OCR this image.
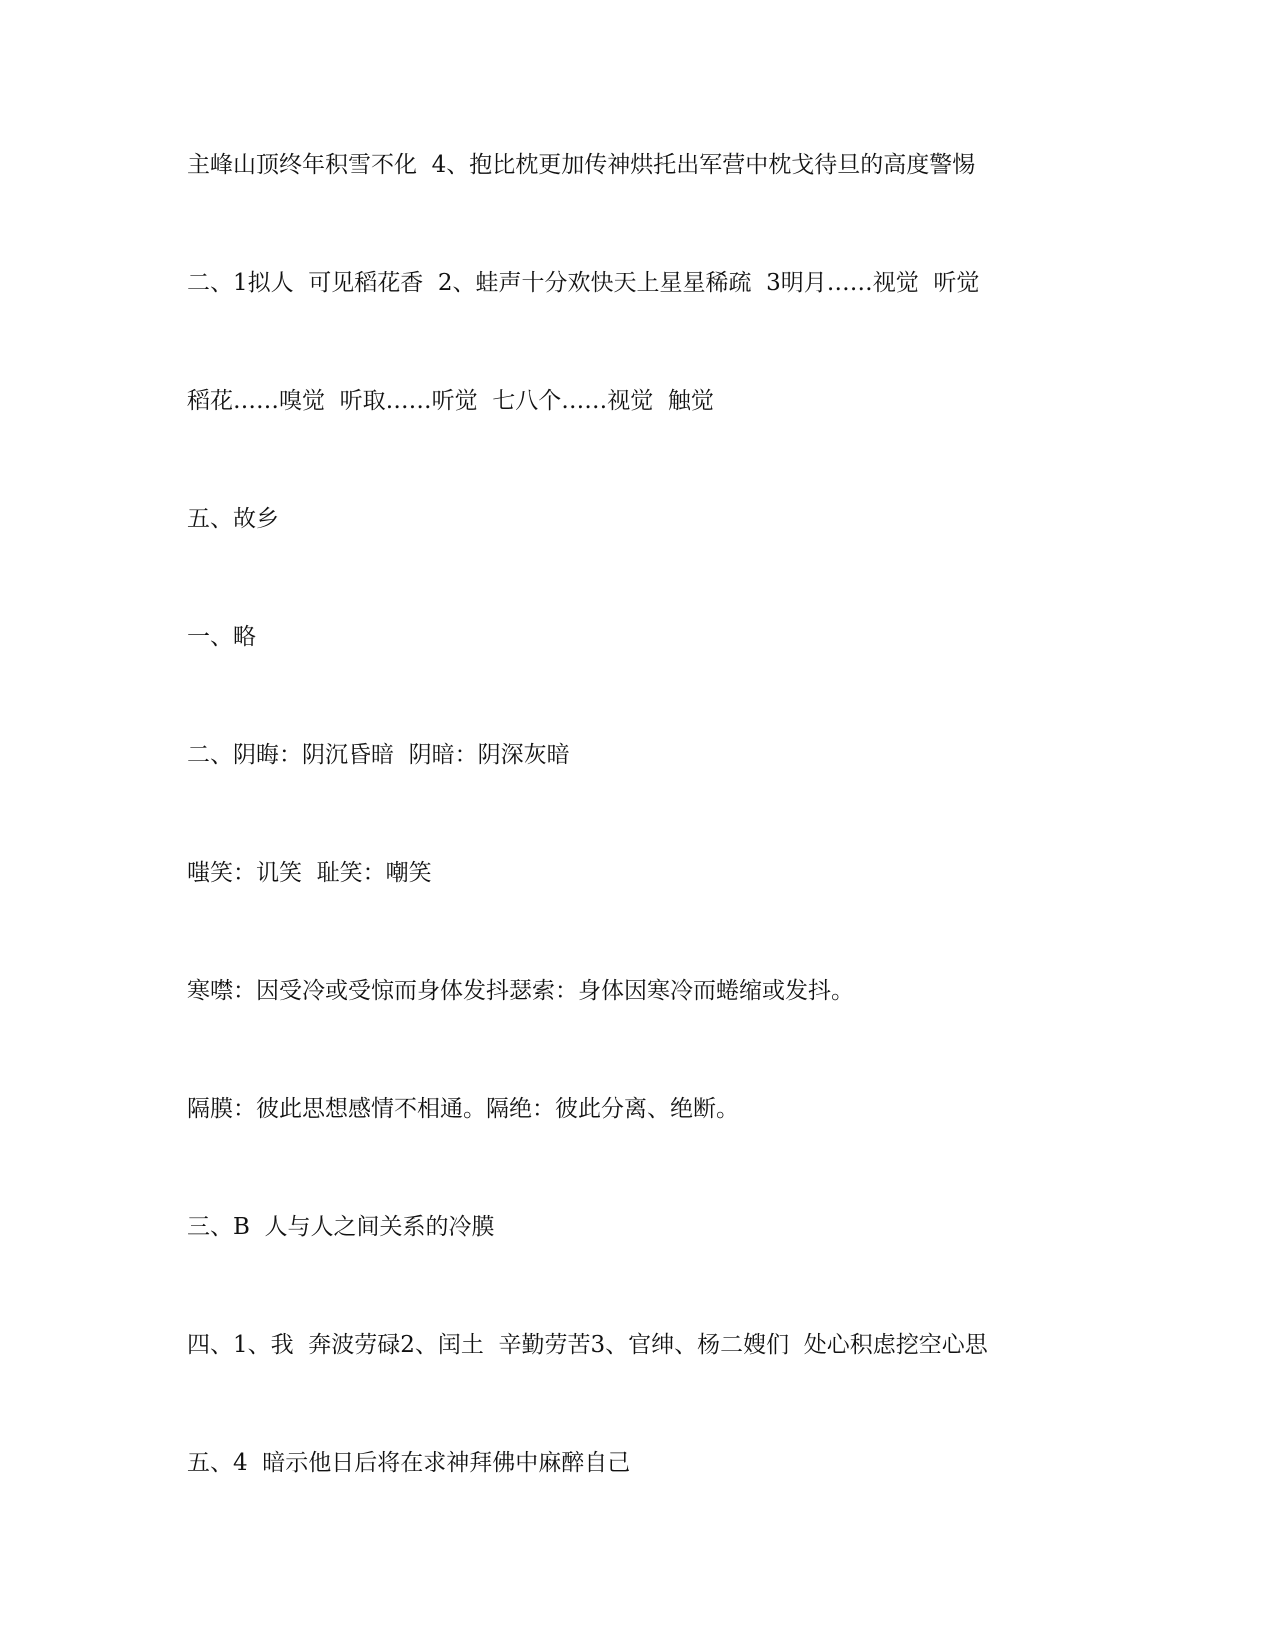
主峰山顶终年积雪不化  4、抱比枕更加传神烘托出军营中枕戈待旦的高度警惕
二、1拟人  可见稻花香  2、蛙声十分欢快天上星星稀疏  3明月……视觉  听觉
稻花……嗅觉  听取……听觉  七八个……视觉  触觉
五、故乡
一、略
二、阴晦：阴沉昏暗  阴暗：阴深灰暗
嗤笑：讥笑  耻笑：嘲笑
寒噤：因受冷或受惊而身体发抖瑟索：身体因寒冷而蜷缩或发抖。
隔膜：彼此思想感情不相通。隔绝：彼此分离、绝断。
三、B  人与人之间关系的冷膜
四、1、我  奔波劳碌2、闰土  辛勤劳苦3、官绅、杨二嫂们  处心积虑挖空心思
五、4  暗示他日后将在求神拜佛中麻醉自己
